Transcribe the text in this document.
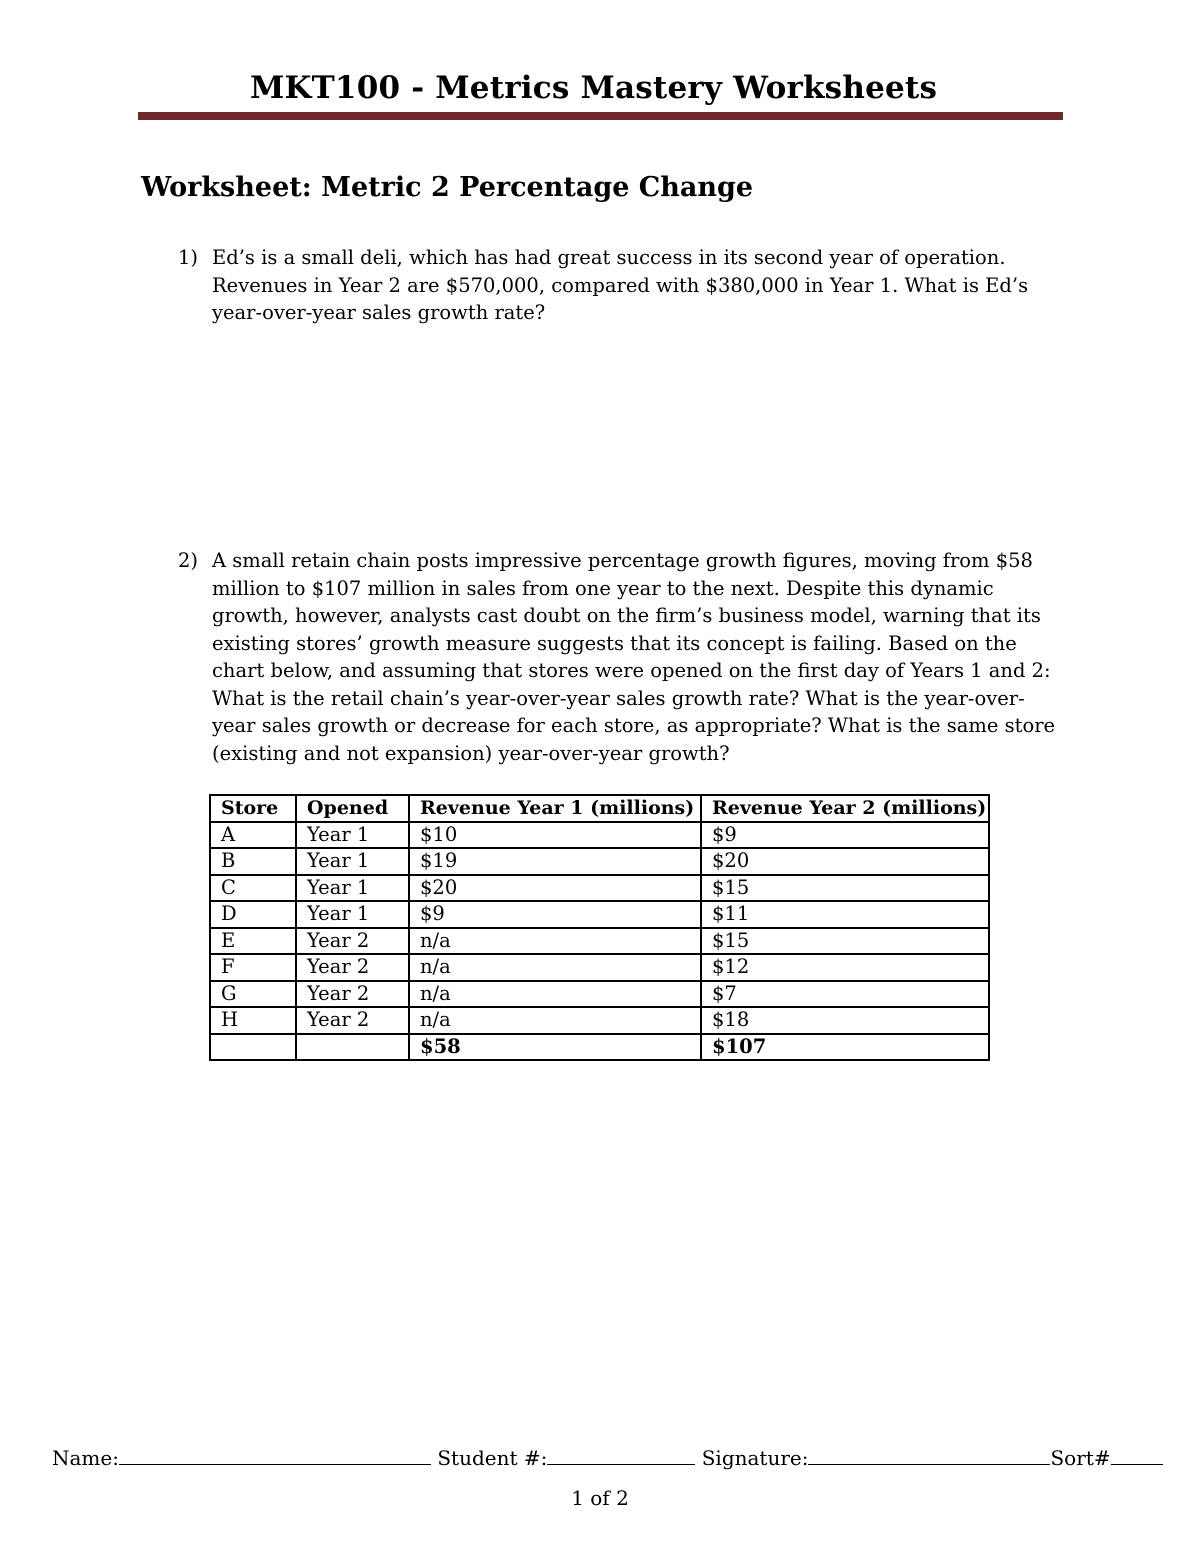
MKT100 - Metrics Mastery Worksheets
Worksheet: Metric 2 Percentage Change
1) Ed’s is a small deli, which has had great success in its second year of operation. Revenues in Year 2 are $570,000, compared with $380,000 in Year 1. What is Ed’s year-over-year sales growth rate?
2) A small retain chain posts impressive percentage growth figures, moving from $58 million to $107 million in sales from one year to the next. Despite this dynamic growth, however, analysts cast doubt on the firm’s business model, warning that its existing stores’ growth measure suggests that its concept is failing. Based on the chart below, and assuming that stores were opened on the first day of Years 1 and 2: What is the retail chain’s year-over-year sales growth rate? What is the year-over-year sales growth or decrease for each store, as appropriate? What is the same store (existing and not expansion) year-over-year growth?
Store	Opened	Revenue Year 1 (millions)	Revenue Year 2 (millions)
A	Year 1	$10	$9
B	Year 1	$19	$20
C	Year 1	$20	$15
D	Year 1	$9	$11
E	Year 2	n/a	$15
F	Year 2	n/a	$12
G	Year 2	n/a	$7
H	Year 2	n/a	$18
		$58	$107
Name:	Student #:	Signature:	Sort#
1 of 2
